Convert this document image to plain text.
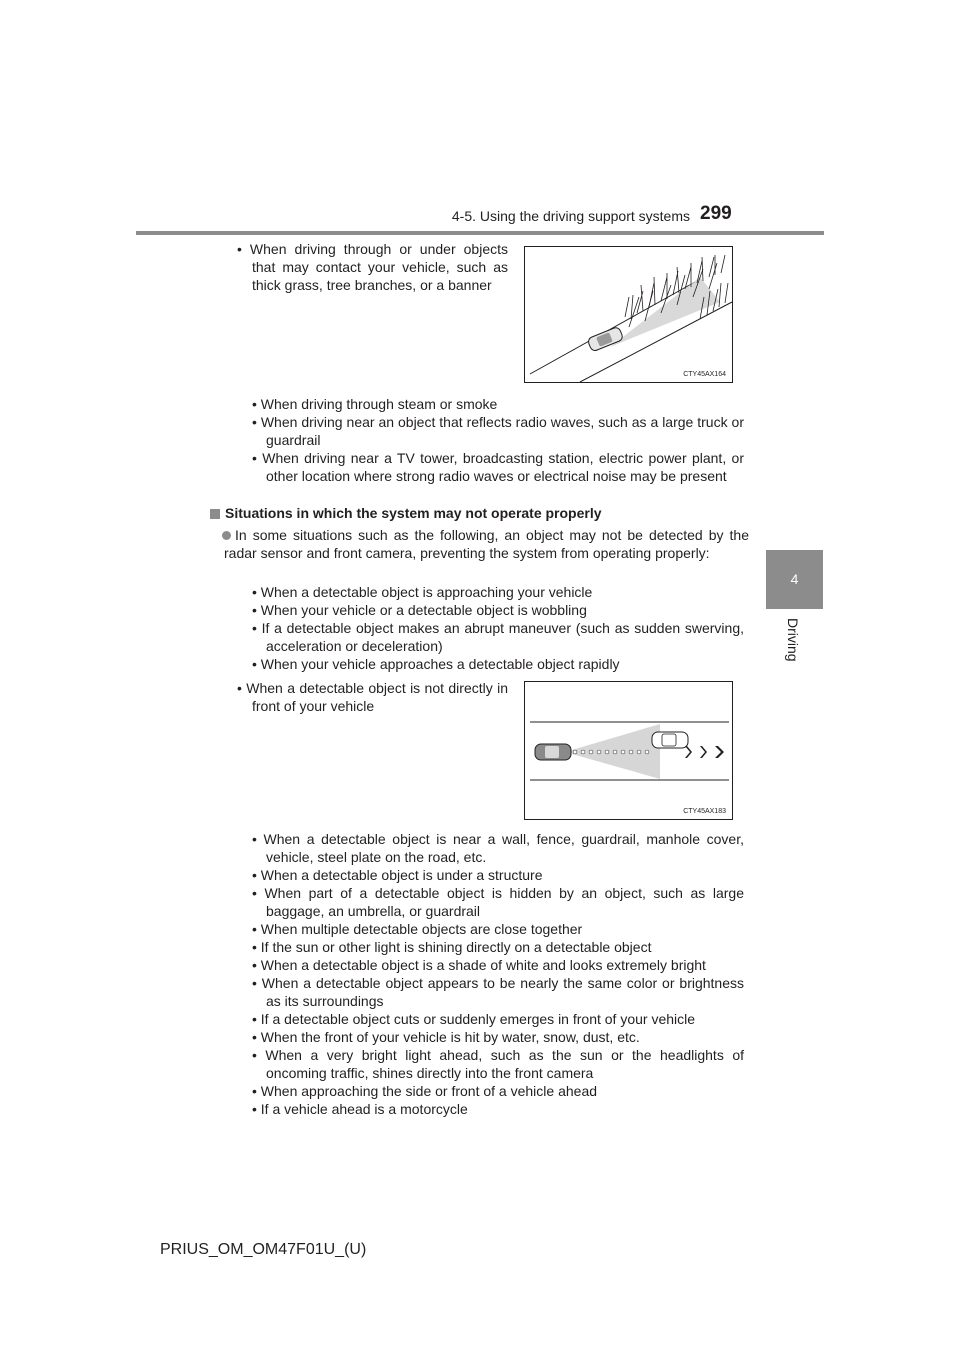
4-5. Using the driving support systems 299
4
Driving
• When driving through or under objects that may contact your vehicle, such as thick grass, tree branches, or a banner
CTY45AX164
• When driving through steam or smoke
• When driving near an object that reflects radio waves, such as a large truck or guardrail
• When driving near a TV tower, broadcasting station, electric power plant, or other location where strong radio waves or electrical noise may be present
Situations in which the system may not operate properly
In some situations such as the following, an object may not be detected by the radar sensor and front camera, preventing the system from operating properly:
• When a detectable object is approaching your vehicle
• When your vehicle or a detectable object is wobbling
• If a detectable object makes an abrupt maneuver (such as sudden swerving, acceleration or deceleration)
• When your vehicle approaches a detectable object rapidly
• When a detectable object is not directly in front of your vehicle
CTY45AX183
• When a detectable object is near a wall, fence, guardrail, manhole cover, vehicle, steel plate on the road, etc.
• When a detectable object is under a structure
• When part of a detectable object is hidden by an object, such as large baggage, an umbrella, or guardrail
• When multiple detectable objects are close together
• If the sun or other light is shining directly on a detectable object
• When a detectable object is a shade of white and looks extremely bright
• When a detectable object appears to be nearly the same color or brightness as its surroundings
• If a detectable object cuts or suddenly emerges in front of your vehicle
• When the front of your vehicle is hit by water, snow, dust, etc.
• When a very bright light ahead, such as the sun or the headlights of oncoming traffic, shines directly into the front camera
• When approaching the side or front of a vehicle ahead
• If a vehicle ahead is a motorcycle
PRIUS_OM_OM47F01U_(U)
